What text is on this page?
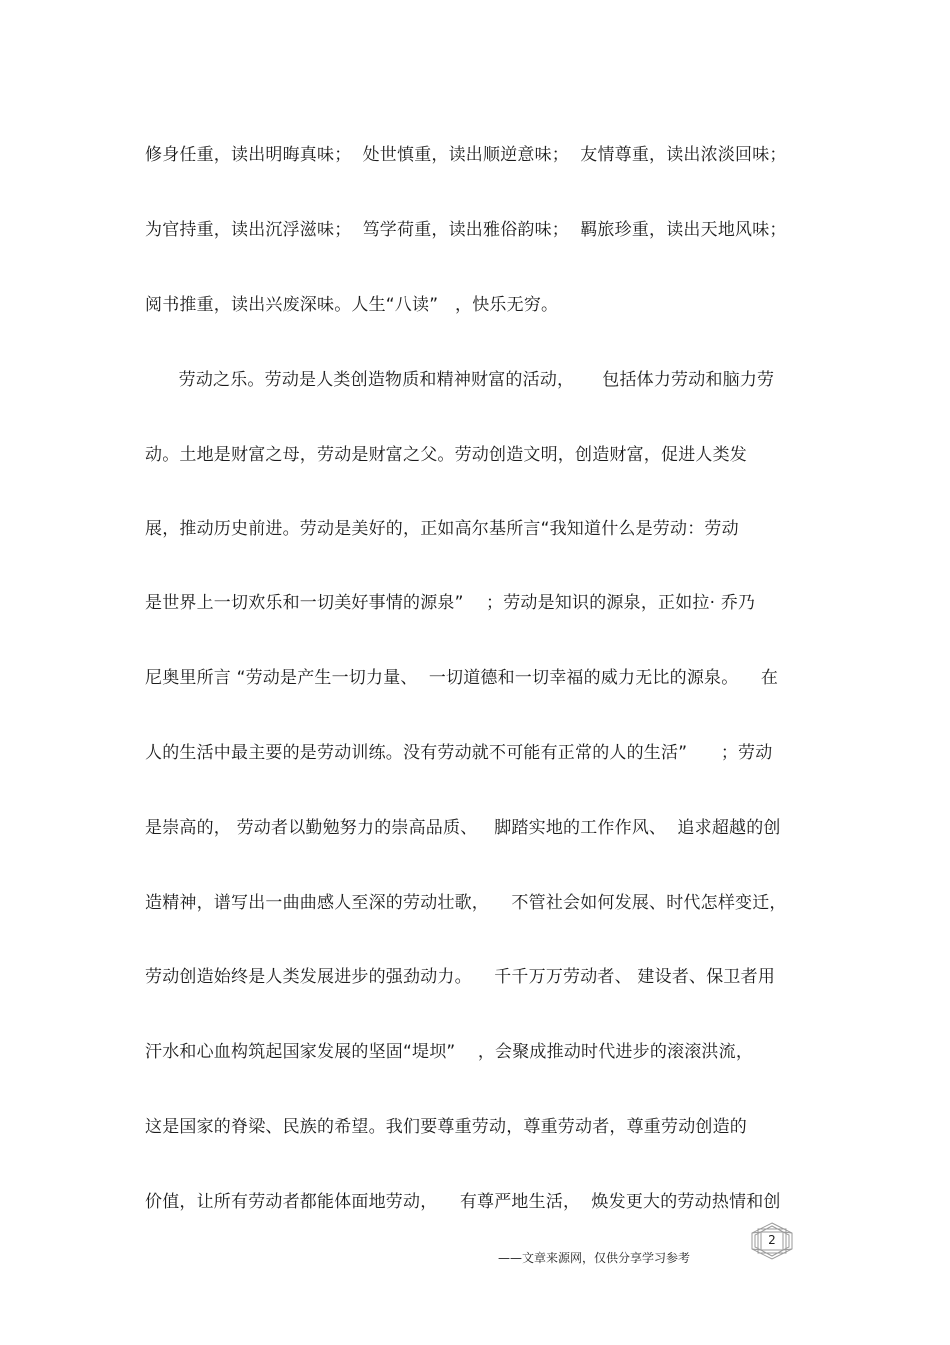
修身任重，读出明晦真味；  处世慎重，读出顺逆意味；  友情尊重，读出浓淡回味；
为官持重，读出沉浮滋味；  笃学荷重，读出雅俗韵味；  羁旅珍重，读出天地风味；
阅书推重，读出兴废深味。人生“八读”   ，快乐无穷。
劳动之乐。劳动是人类创造物质和精神财富的活动，     包括体力劳动和脑力劳
动。土地是财富之母，劳动是财富之父。劳动创造文明，创造财富，促进人类发
展，推动历史前进。劳动是美好的，正如高尔基所言“我知道什么是劳动：劳动
是世界上一切欢乐和一切美好事情的源泉”    ；劳动是知识的源泉，正如拉· 乔乃
尼奥里所言 “劳动是产生一切力量、  一切道德和一切幸福的威力无比的源泉。    在
人的生活中最主要的是劳动训练。没有劳动就不可能有正常的人的生活”      ；劳动
是崇高的， 劳动者以勤勉努力的崇高品质、   脚踏实地的工作作风、  追求超越的创
造精神，谱写出一曲曲感人至深的劳动壮歌，    不管社会如何发展、时代怎样变迁，
劳动创造始终是人类发展进步的强劲动力。    千千万万劳动者、 建设者、保卫者用
汗水和心血构筑起国家发展的坚固“堤坝”    ，会聚成推动时代进步的滚滚洪流，
这是国家的脊梁、民族的希望。我们要尊重劳动，尊重劳动者，尊重劳动创造的
价值，让所有劳动者都能体面地劳动，    有尊严地生活，  焕发更大的劳动热情和创
2
——文章来源网，仅供分享学习参考
